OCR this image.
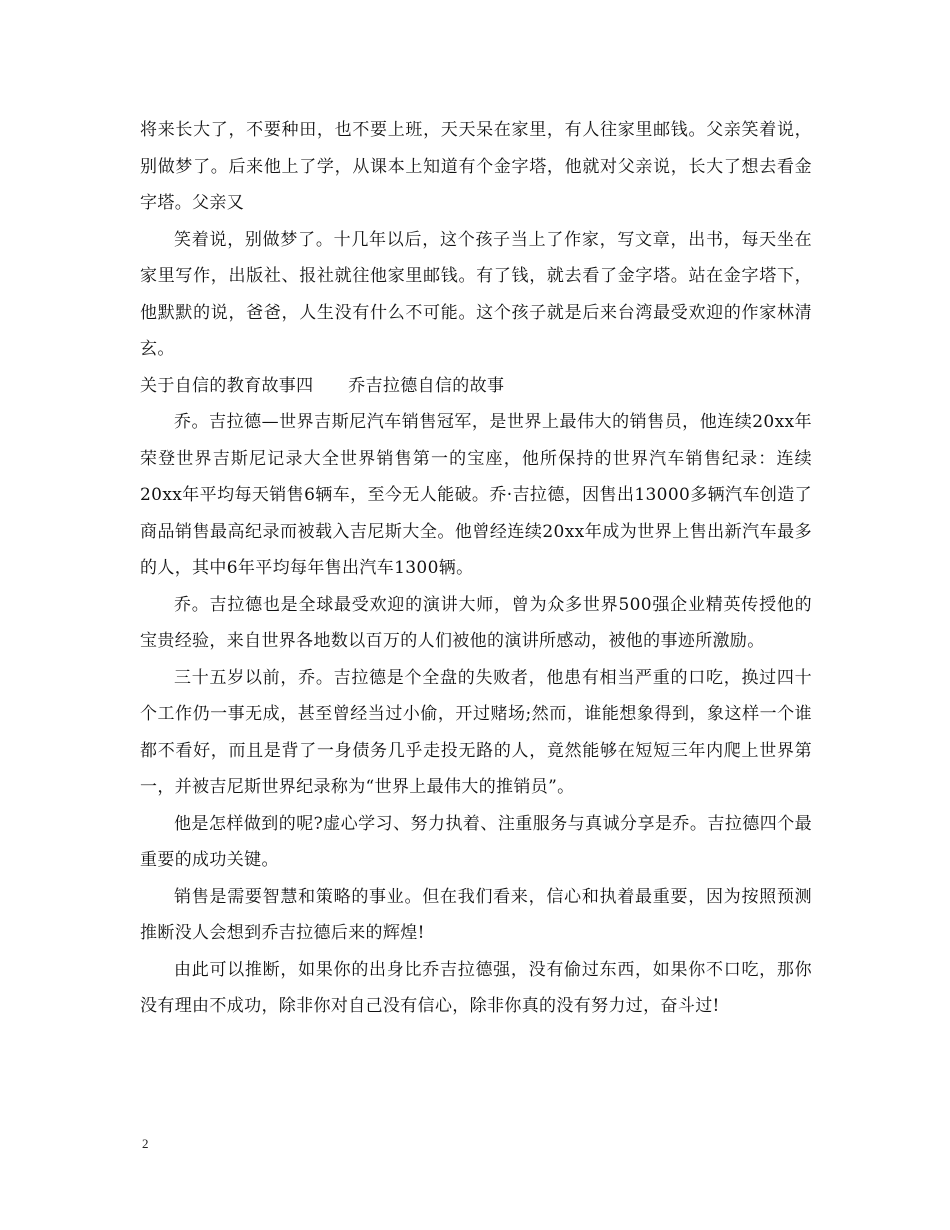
将来长大了，不要种田，也不要上班，天天呆在家里，有人往家里邮钱。父亲笑着说，别做梦了。后来他上了学，从课本上知道有个金字塔，他就对父亲说，长大了想去看金字塔。父亲又

笑着说，别做梦了。十几年以后，这个孩子当上了作家，写文章，出书，每天坐在家里写作，出版社、报社就往他家里邮钱。有了钱，就去看了金字塔。站在金字塔下，他默默的说，爸爸，人生没有什么不可能。这个孩子就是后来台湾最受欢迎的作家林清玄。

关于自信的教育故事四　　乔吉拉德自信的故事

乔。吉拉德—世界吉斯尼汽车销售冠军，是世界上最伟大的销售员，他连续20xx年荣登世界吉斯尼记录大全世界销售第一的宝座，他所保持的世界汽车销售纪录：连续20xx年平均每天销售6辆车，至今无人能破。乔·吉拉德，因售出13000多辆汽车创造了商品销售最高纪录而被载入吉尼斯大全。他曾经连续20xx年成为世界上售出新汽车最多的人，其中6年平均每年售出汽车1300辆。

乔。吉拉德也是全球最受欢迎的演讲大师，曾为众多世界500强企业精英传授他的宝贵经验，来自世界各地数以百万的人们被他的演讲所感动，被他的事迹所激励。

三十五岁以前，乔。吉拉德是个全盘的失败者，他患有相当严重的口吃，换过四十个工作仍一事无成，甚至曾经当过小偷，开过赌场;然而，谁能想象得到，象这样一个谁都不看好，而且是背了一身债务几乎走投无路的人，竟然能够在短短三年内爬上世界第一，并被吉尼斯世界纪录称为“世界上最伟大的推销员”。

他是怎样做到的呢?虚心学习、努力执着、注重服务与真诚分享是乔。吉拉德四个最重要的成功关键。

销售是需要智慧和策略的事业。但在我们看来，信心和执着最重要，因为按照预测推断没人会想到乔吉拉德后来的辉煌!

由此可以推断，如果你的出身比乔吉拉德强，没有偷过东西，如果你不口吃，那你没有理由不成功，除非你对自己没有信心，除非你真的没有努力过，奋斗过!

2
